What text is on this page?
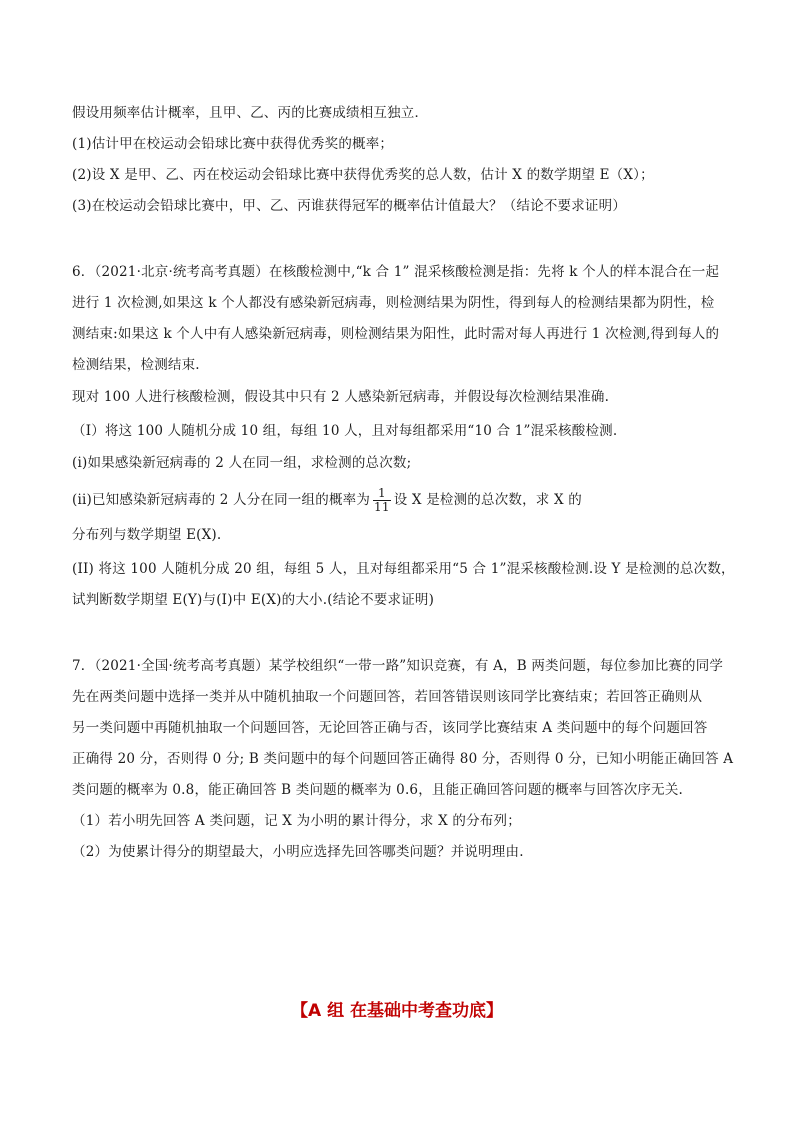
假设用频率估计概率，且甲、乙、丙的比赛成绩相互独立．
(1)估计甲在校运动会铅球比赛中获得优秀奖的概率；
(2)设 X 是甲、乙、丙在校运动会铅球比赛中获得优秀奖的总人数，估计 X 的数学期望 E（X）；
(3)在校运动会铅球比赛中，甲、乙、丙谁获得冠军的概率估计值最大？（结论不要求证明）
6．（2021·北京·统考高考真题）在核酸检测中,“k 合 1” 混采核酸检测是指：先将 k 个人的样本混合在一起
进行 1 次检测,如果这 k 个人都没有感染新冠病毒，则检测结果为阴性，得到每人的检测结果都为阴性，检
测结束:如果这 k 个人中有人感染新冠病毒，则检测结果为阳性，此时需对每人再进行 1 次检测,得到每人的
检测结果，检测结束.
现对 100 人进行核酸检测，假设其中只有 2 人感染新冠病毒，并假设每次检测结果准确.
（I）将这 100 人随机分成 10 组，每组 10 人，且对每组都采用“10 合 1”混采核酸检测.
(i)如果感染新冠病毒的 2 人在同一组，求检测的总次数;
(ii)已知感染新冠病毒的 2 人分在同一组的概率为 $\frac{1}{11}$ 设 X 是检测的总次数，求 X 的
分布列与数学期望 E(X).
(II) 将这 100 人随机分成 20 组，每组 5 人，且对每组都采用“5 合 1”混采核酸检测.设 Y 是检测的总次数，
试判断数学期望 E(Y)与(I)中 E(X)的大小.(结论不要求证明)
7．（2021·全国·统考高考真题）某学校组织“一带一路”知识竞赛，有 A，B 两类问题，每位参加比赛的同学
先在两类问题中选择一类并从中随机抽取一个问题回答，若回答错误则该同学比赛结束；若回答正确则从
另一类问题中再随机抽取一个问题回答，无论回答正确与否，该同学比赛结束 A 类问题中的每个问题回答
正确得 20 分，否则得 0 分; B 类问题中的每个问题回答正确得 80 分，否则得 0 分，已知小明能正确回答 A
类问题的概率为 0.8，能正确回答 B 类问题的概率为 0.6，且能正确回答问题的概率与回答次序无关.
（1）若小明先回答 A 类问题，记 X 为小明的累计得分，求 X 的分布列；
（2）为使累计得分的期望最大，小明应选择先回答哪类问题？并说明理由.
【A 组 在基础中考查功底】
